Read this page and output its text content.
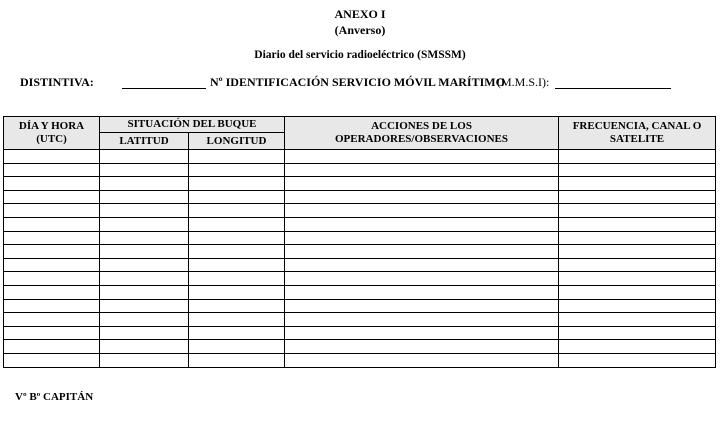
ANEXO I
(Anverso)
Diario del servicio radioeléctrico (SMSSM)
DISTINTIVA:	Nº IDENTIFICACIÓN SERVICIO MÓVIL MARÍTIMO
(M.M.S.I):
DÍA Y HORA (UTC)	SITUACIÓN DEL BUQUE		ACCIONES DE LOS OPERADORES/OBSERVACIONES	FRECUENCIA, CANAL O SATELITE
	LATITUD	LONGITUD		

Vº Bº CAPITÁN
